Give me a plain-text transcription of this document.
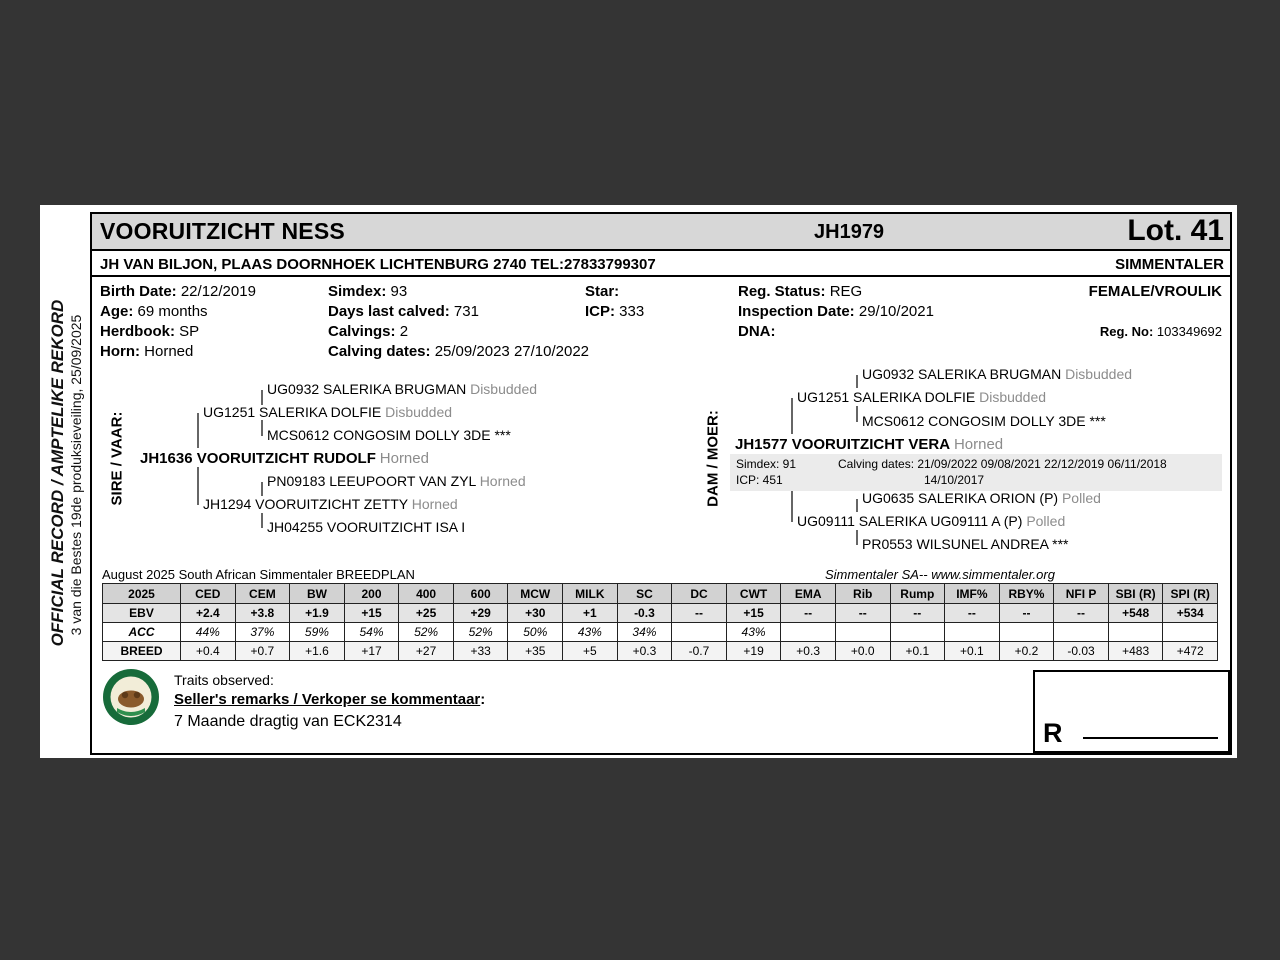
OFFICIAL RECORD / AMPTELIKE REKORD 3 van die Bestes 19de produksieveiling, 25/09/2025
VOORUITZICHT NESS	JH1979	Lot. 41
JH VAN BILJON, PLAAS DOORNHOEK LICHTENBURG 2740 TEL:27833799307	SIMMENTALER
Birth Date: 22/12/2019
Age: 69 months
Herdbook: SP
Horn: Horned
Simdex: 93
Days last calved: 731
Calvings: 2
Calving dates: 25/09/2023 27/10/2022
Star:
ICP: 333
Reg. Status: REG
Inspection Date: 29/10/2021
DNA:
FEMALE/VROULIK
Reg. No: 103349692
SIRE / VAAR:
UG0932 SALERIKA BRUGMAN Disbudded
UG1251 SALERIKA DOLFIE Disbudded
MCS0612 CONGOSIM DOLLY 3DE ***
JH1636 VOORUITZICHT RUDOLF Horned
PN09183 LEEUPOORT VAN ZYL Horned
JH1294 VOORUITZICHT ZETTY Horned
JH04255 VOORUITZICHT ISA I
DAM / MOER:
UG0932 SALERIKA BRUGMAN Disbudded
UG1251 SALERIKA DOLFIE Disbudded
MCS0612 CONGOSIM DOLLY 3DE ***
JH1577 VOORUITZICHT VERA Horned
Simdex: 91
ICP: 451
Calving dates: 21/09/2022 09/08/2021 22/12/2019 06/11/2018
14/10/2017
UG0635 SALERIKA ORION (P) Polled
UG09111 SALERIKA UG09111 A (P) Polled
PR0553 WILSUNEL ANDREA ***
August 2025 South African Simmentaler BREEDPLAN	Simmentaler SA-- www.simmentaler.org
2025	CED	CEM	BW	200	400	600	MCW	MILK	SC	DC	CWT	EMA	Rib	Rump	IMF%	RBY%	NFI P	SBI (R)	SPI (R)
EBV	+2.4	+3.8	+1.9	+15	+25	+29	+30	+1	-0.3	--	+15	--	--	--	--	--	--	+548	+534
ACC	44%	37%	59%	54%	52%	52%	50%	43%	34%		43%								
BREED	+0.4	+0.7	+1.6	+17	+27	+33	+35	+5	+0.3	-0.7	+19	+0.3	+0.0	+0.1	+0.1	+0.2	-0.03	+483	+472
Traits observed:
Seller's remarks / Verkoper se kommentaar:
7 Maande dragtig van ECK2314	R
